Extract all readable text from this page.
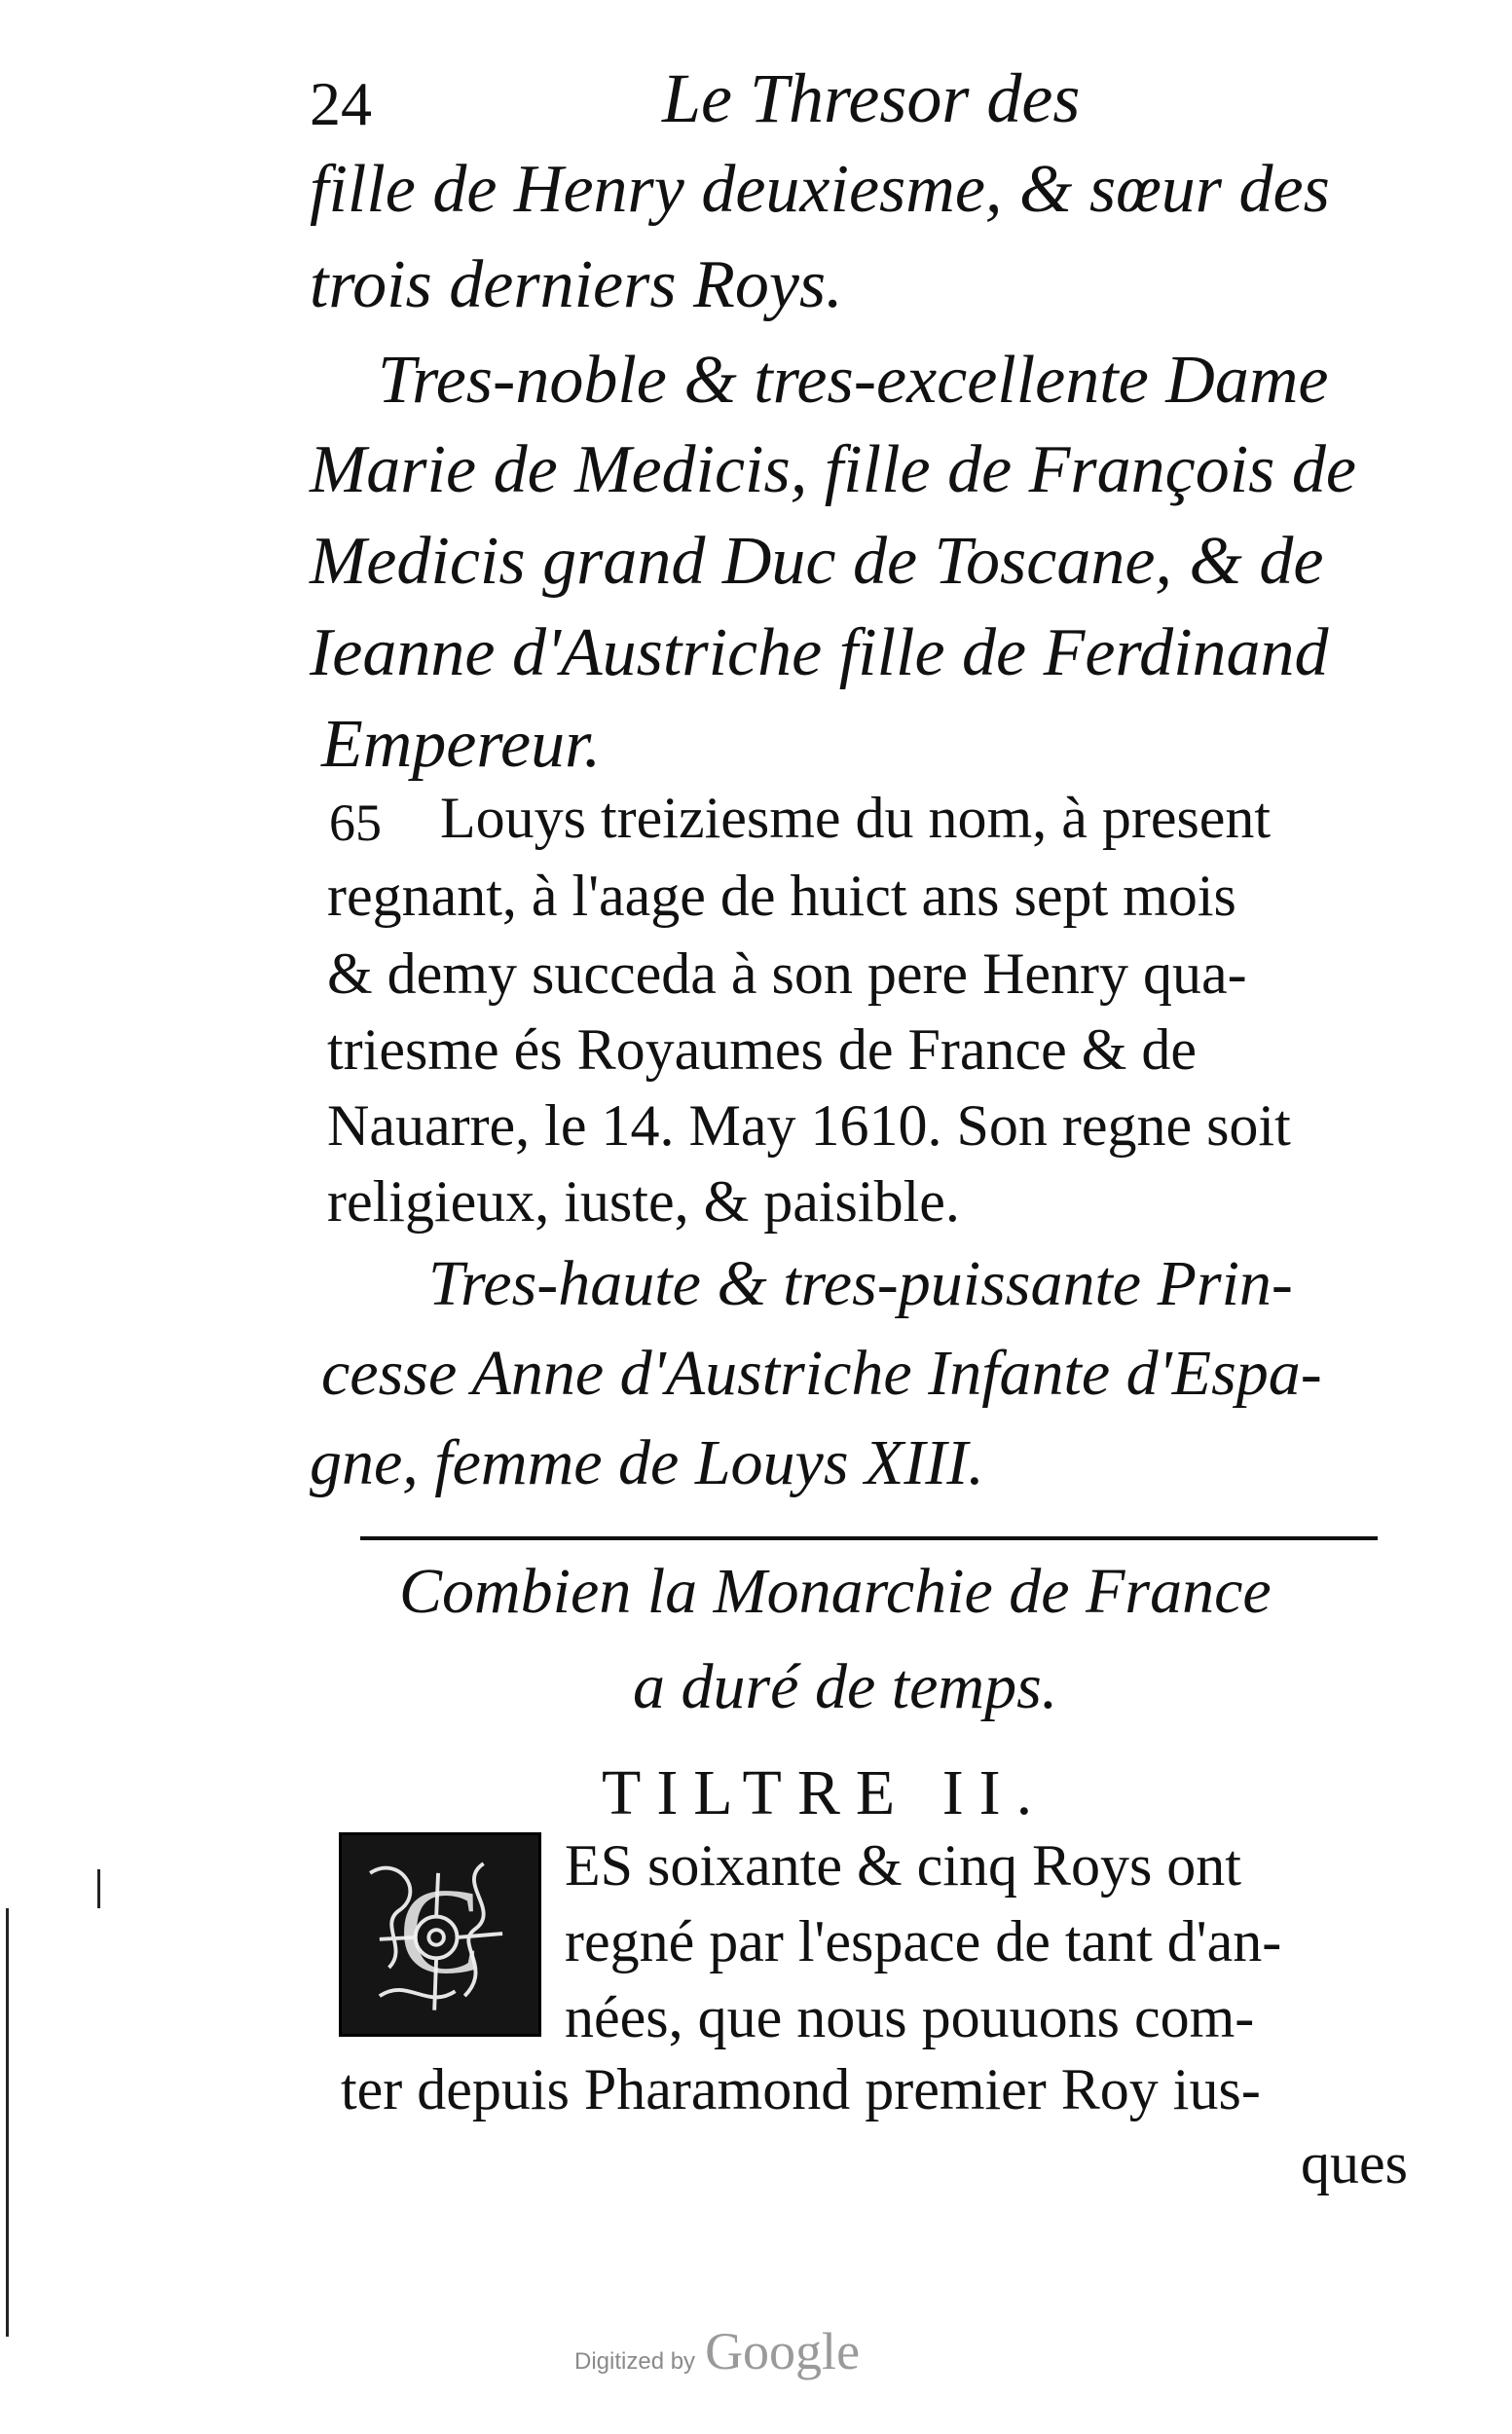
24	Le Thresor des
fille de Henry deuxiesme, & sœur des
trois derniers Roys.
Tres-noble & tres-excellente Dame
Marie de Medicis, fille de François de
Medicis grand Duc de Toscane, & de
Ieanne d'Austriche fille de Ferdinand
Empereur.
65 Louys treiziesme du nom, à present
regnant, à l'aage de huict ans sept mois
& demy succeda à son pere Henry qua-
triesme és Royaumes de France & de
Nauarre, le 14. May 1610. Son regne soit
religieux, iuste, & paisible.
Tres-haute & tres-puissante Prin-
cesse Anne d'Austriche Infante d'Espa-
gne, femme de Louys XIII.
Combien la Monarchie de France
a duré de temps.
TILTRE II.
C ES soixante & cinq Roys ont
regné par l'espace de tant d'an-
nées, que nous pouuons com-
ter depuis Pharamond premier Roy ius-
ques
Digitized by Google
